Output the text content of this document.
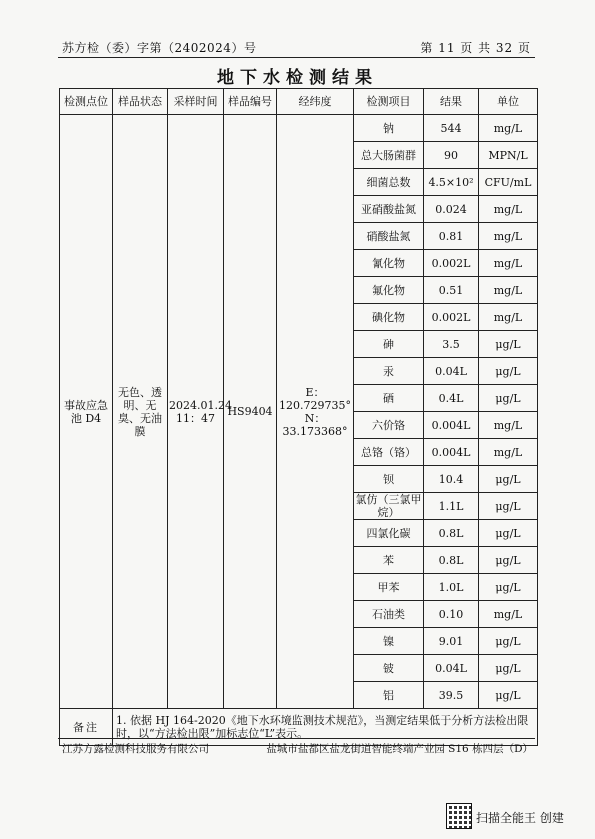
苏方检（委）字第（2402024）号	第 11 页 共 32 页
地下水检测结果
检测点位	样品状态	采样时间	样品编号	经纬度	检测项目	结果	单位
事故应急池 D4	无色、透明、无臭、无油膜	2024.01.24 11：47	HS9404	E：120.729735° N：33.173368°	钠	544	mg/L
					总大肠菌群	90	MPN/L
					细菌总数	4.5×10²	CFU/mL
					亚硝酸盐氮	0.024	mg/L
					硝酸盐氮	0.81	mg/L
					氰化物	0.002L	mg/L
					氟化物	0.51	mg/L
					碘化物	0.002L	mg/L
					砷	3.5	μg/L
					汞	0.04L	μg/L
					硒	0.4L	μg/L
					六价铬	0.004L	mg/L
					总铬（铬）	0.004L	mg/L
					钡	10.4	μg/L
					氯仿（三氯甲烷）	1.1L	μg/L
					四氯化碳	0.8L	μg/L
					苯	0.8L	μg/L
					甲苯	1.0L	μg/L
					石油类	0.10	mg/L
					镍	9.01	μg/L
					铍	0.04L	μg/L
					铝	39.5	μg/L
备注	1. 依据 HJ 164-2020《地下水环境监测技术规范》，当测定结果低于分析方法检出限时，以“方法检出限”加标志位“L”表示。						
江苏方露检测科技服务有限公司	盐城市盐都区盐龙街道智能终端产业园 S16 栋四层（D）
扫描全能王 创建
